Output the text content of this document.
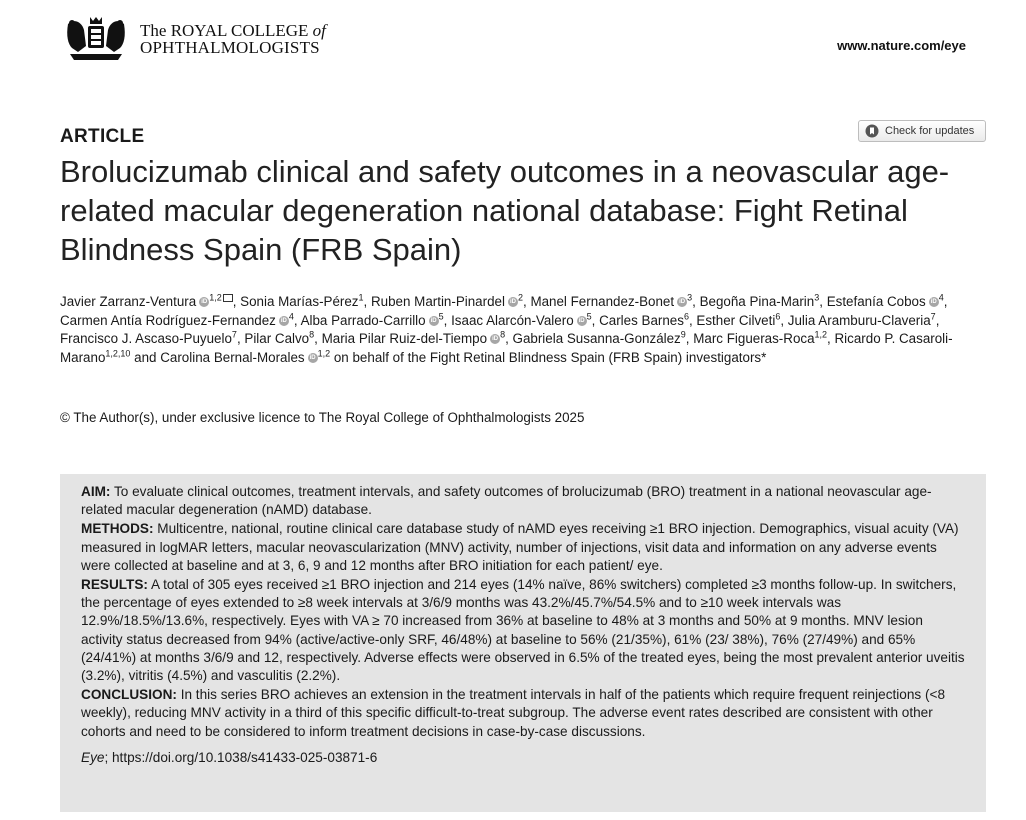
The ROYAL COLLEGE of
OPHTHALMOLOGISTS	www.nature.com/eye
ARTICLE	Check for updates
Brolucizumab clinical and safety outcomes in a neovascular age-related macular degeneration national database: Fight Retinal Blindness Spain (FRB Spain)
Javier Zarranz-Ventura iD $^{1,2}$ , Sonia Marías-Pérez$^1$, Ruben Martin-Pinardel iD $^2$, Manel Fernandez-Bonet iD $^3$, Begoña Pina-Marin$^3$, Estefanía Cobos iD $^4$, Carmen Antía Rodríguez-Fernandez iD $^4$, Alba Parrado-Carrillo iD $^5$, Isaac Alarcón-Valero iD $^5$, Carles Barnes$^6$, Esther Cilveti$^6$, Julia Aramburu-Claveria$^7$, Francisco J. Ascaso-Puyuelo$^7$, Pilar Calvo$^8$, Maria Pilar Ruiz-del-Tiempo iD $^8$, Gabriela Susanna-González$^9$, Marc Figueras-Roca$^{1,2}$, Ricardo P. Casaroli-Marano$^{1,2,10}$ and Carolina Bernal-Morales iD $^{1,2}$ on behalf of the Fight Retinal Blindness Spain (FRB Spain) investigators*
© The Author(s), under exclusive licence to The Royal College of Ophthalmologists 2025

AIM: To evaluate clinical outcomes, treatment intervals, and safety outcomes of brolucizumab (BRO) treatment in a national neovascular age-related macular degeneration (nAMD) database.

METHODS: Multicentre, national, routine clinical care database study of nAMD eyes receiving ≥1 BRO injection. Demographics, visual acuity (VA) measured in logMAR letters, macular neovascularization (MNV) activity, number of injections, visit data and information on any adverse events were collected at baseline and at 3, 6, 9 and 12 months after BRO initiation for each patient/ eye.

RESULTS: A total of 305 eyes received ≥1 BRO injection and 214 eyes (14% naïve, 86% switchers) completed ≥3 months follow-up. In switchers, the percentage of eyes extended to ≥8 week intervals at 3/6/9 months was 43.2%/45.7%/54.5% and to ≥10 week intervals was 12.9%/18.5%/13.6%, respectively. Eyes with VA ≥ 70 increased from 36% at baseline to 48% at 3 months and 50% at 9 months. MNV lesion activity status decreased from 94% (active/active-only SRF, 46/48%) at baseline to 56% (21/35%), 61% (23/ 38%), 76% (27/49%) and 65% (24/41%) at months 3/6/9 and 12, respectively. Adverse effects were observed in 6.5% of the treated eyes, being the most prevalent anterior uveitis (3.2%), vitritis (4.5%) and vasculitis (2.2%).

CONCLUSION: In this series BRO achieves an extension in the treatment intervals in half of the patients which require frequent reinjections (<8 weekly), reducing MNV activity in a third of this specific difficult-to-treat subgroup. The adverse event rates described are consistent with other cohorts and need to be considered to inform treatment decisions in case-by-case discussions.

Eye; https://doi.org/10.1038/s41433-025-03871-6
